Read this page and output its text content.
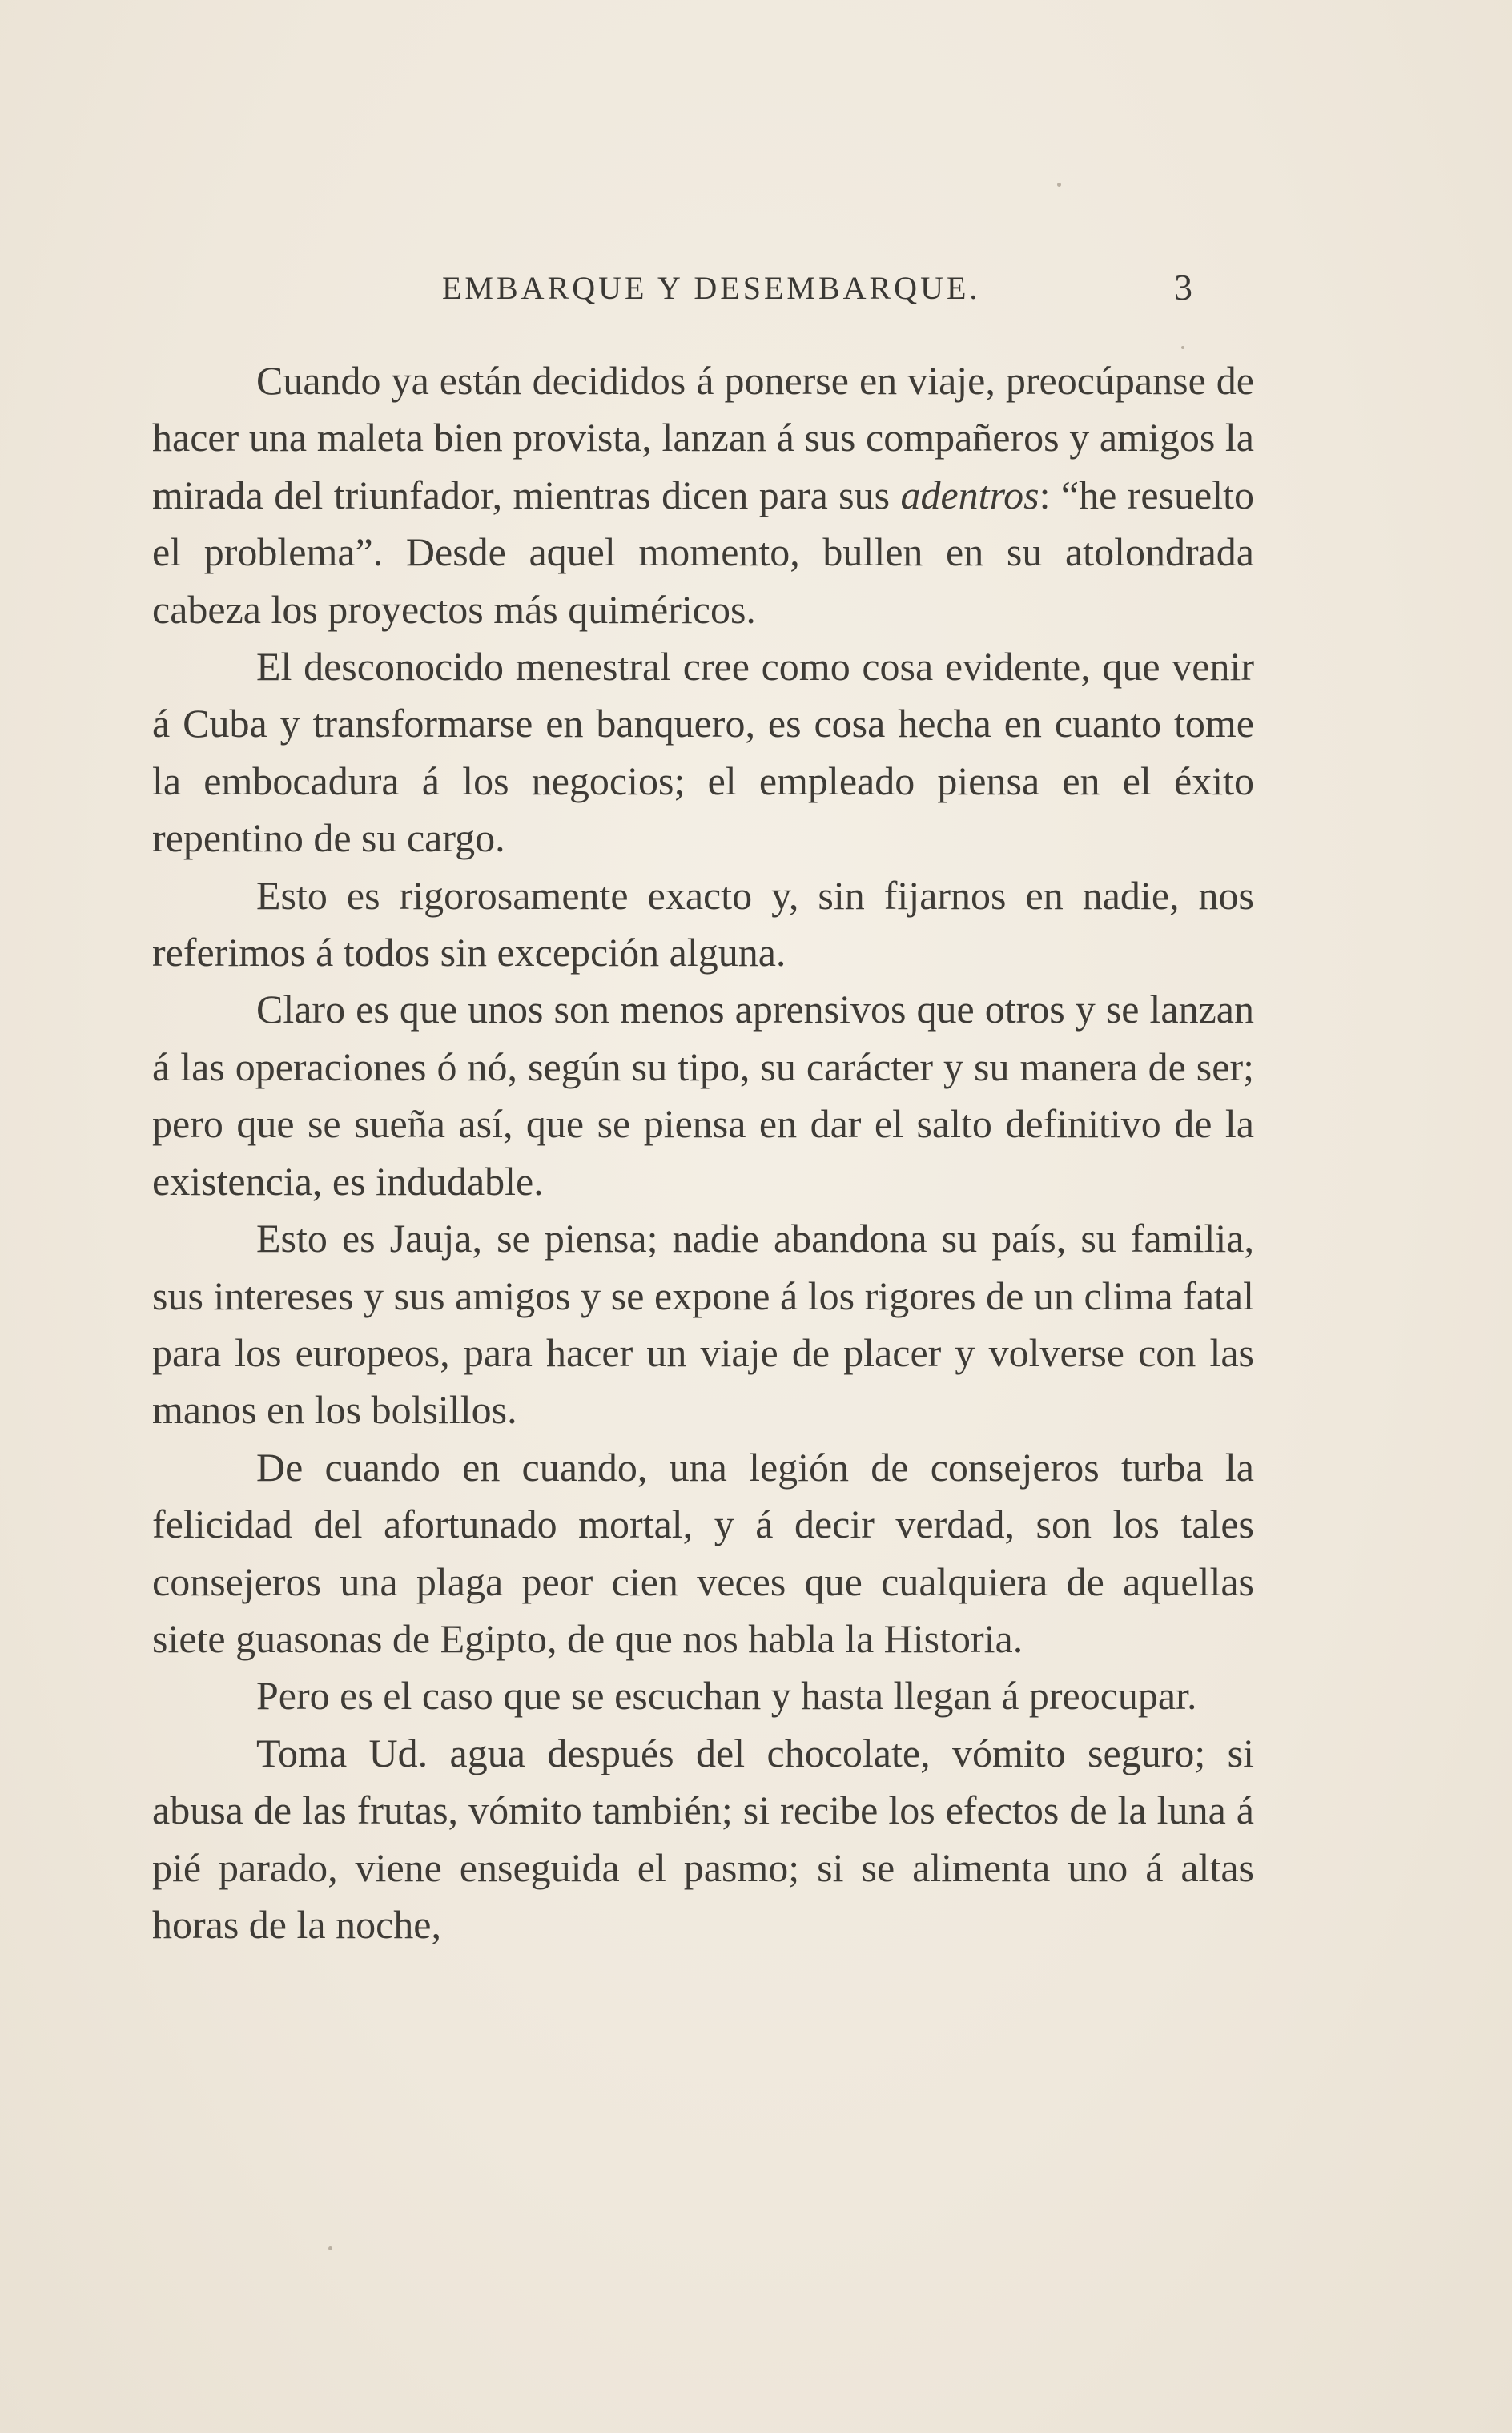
EMBARQUE Y DESEMBARQUE.	3

Cuando ya están decididos á ponerse en viaje, preocúpanse de hacer una maleta bien provista, lanzan á sus compañeros y amigos la mirada del triunfador, mientras dicen para sus adentros: “he resuelto el problema”. Desde aquel momento, bullen en su atolondrada cabeza los proyectos más quiméricos.

El desconocido menestral cree como cosa evidente, que venir á Cuba y transformarse en banquero, es cosa hecha en cuanto tome la embocadura á los negocios; el empleado piensa en el éxito repentino de su cargo.

Esto es rigorosamente exacto y, sin fijarnos en nadie, nos referimos á todos sin excepción alguna.

Claro es que unos son menos aprensivos que otros y se lanzan á las operaciones ó nó, según su tipo, su carácter y su manera de ser; pero que se sueña así, que se piensa en dar el salto definitivo de la existencia, es indudable.

Esto es Jauja, se piensa; nadie abandona su país, su familia, sus intereses y sus amigos y se expone á los rigores de un clima fatal para los europeos, para hacer un viaje de placer y volverse con las manos en los bolsillos.

De cuando en cuando, una legión de consejeros turba la felicidad del afortunado mortal, y á decir verdad, son los tales consejeros una plaga peor cien veces que cualquiera de aquellas siete guasonas de Egipto, de que nos habla la Historia.

Pero es el caso que se escuchan y hasta llegan á preocupar.

Toma Ud. agua después del chocolate, vómito seguro; si abusa de las frutas, vómito también; si recibe los efectos de la luna á pié parado, viene enseguida el pasmo; si se alimenta uno á altas horas de la noche,
